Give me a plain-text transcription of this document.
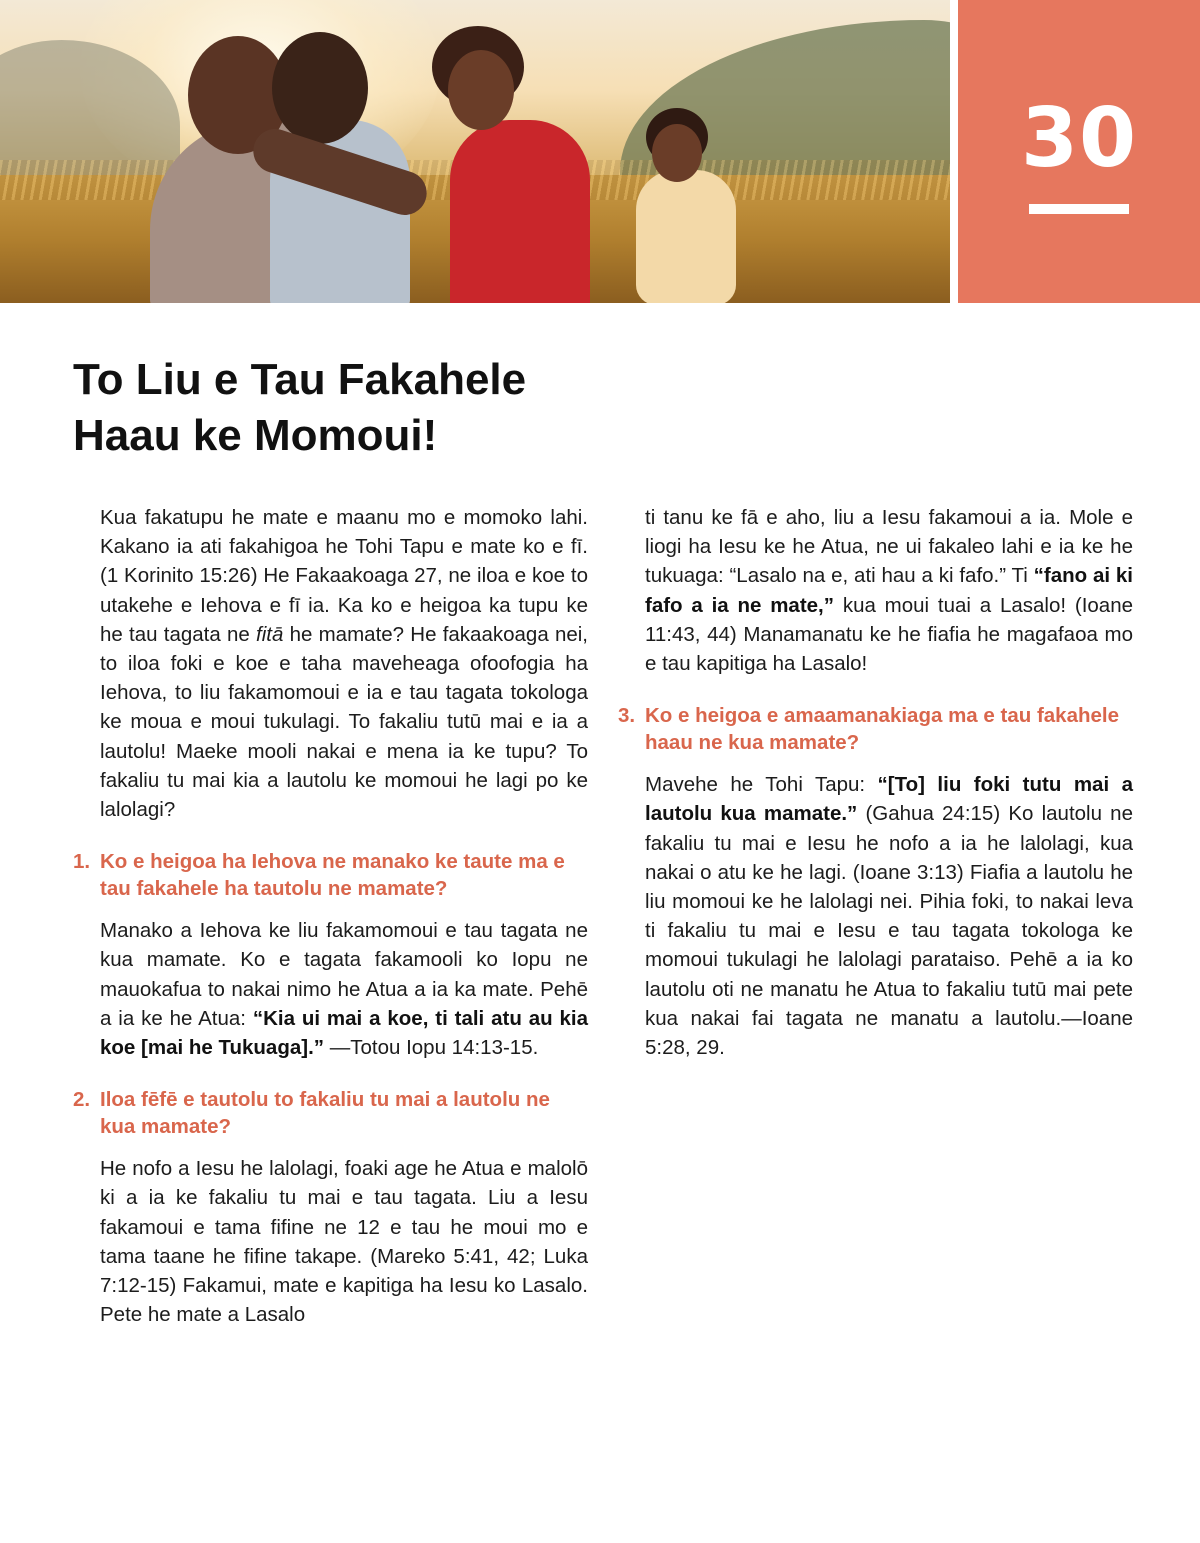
30
To Liu e Tau Fakahele Haau ke Momoui!

Kua fakatupu he mate e maanu mo e momoko lahi. Kakano ia ati fakahigoa he Tohi Tapu e mate ko e fī. (1 Korinito 15:26) He Fakaakoaga 27, ne iloa e koe to utakehe e Iehova e fī ia. Ka ko e heigoa ka tupu ke he tau tagata ne fitā he mamate? He fakaakoaga nei, to iloa foki e koe e taha maveheaga ofoofogia ha Iehova, to liu fakamomoui e ia e tau tagata tokologa ke moua e moui tukulagi. To fakaliu tutū mai e ia a lautolu! Maeke mooli nakai e mena ia ke tupu? To fakaliu tu mai kia a lautolu ke momoui he lagi po ke lalolagi?

1. Ko e heigoa ha Iehova ne manako ke taute ma e tau fakahele ha tautolu ne mamate?

Manako a Iehova ke liu fakamomoui e tau tagata ne kua mamate. Ko e tagata fakamooli ko Iopu ne mauokafua to nakai nimo he Atua a ia ka mate. Pehē a ia ke he Atua: “Kia ui mai a koe, ti tali atu au kia koe [mai he Tukuaga].” —Totou Iopu 14:13-15.

2. Iloa fēfē e tautolu to fakaliu tu mai a lautolu ne kua mamate?

He nofo a Iesu he lalolagi, foaki age he Atua e malolō ki a ia ke fakaliu tu mai e tau tagata. Liu a Iesu fakamoui e tama fifine ne 12 e tau he moui mo e tama taane he fifine takape. (Mareko 5:41, 42; Luka 7:12-15) Fakamui, mate e kapitiga ha Iesu ko Lasalo. Pete he mate a Lasalo

ti tanu ke fā e aho, liu a Iesu fakamoui a ia. Mole e liogi ha Iesu ke he Atua, ne ui fakaleo lahi e ia ke he tukuaga: “Lasalo na e, ati hau a ki fafo.” Ti “fano ai ki fafo a ia ne mate,” kua moui tuai a Lasalo! (Ioane 11:43, 44) Manamanatu ke he fiafia he magafaoa mo e tau kapitiga ha Lasalo!

3. Ko e heigoa e amaamanakiaga ma e tau fakahele haau ne kua mamate?

Mavehe he Tohi Tapu: “[To] liu foki tutu mai a lautolu kua mamate.” (Gahua 24:15) Ko lautolu ne fakaliu tu mai e Iesu he nofo a ia he lalolagi, kua nakai o atu ke he lagi. (Ioane 3:13) Fiafia a lautolu he liu momoui ke he lalolagi nei. Pihia foki, to nakai leva ti fakaliu tu mai e Iesu e tau tagata tokologa ke momoui tukulagi he lalolagi parataiso. Pehē a ia ko lautolu oti ne manatu he Atua to fakaliu tutū mai pete kua nakai fai tagata ne manatu a lautolu.—Ioane 5:28, 29.
